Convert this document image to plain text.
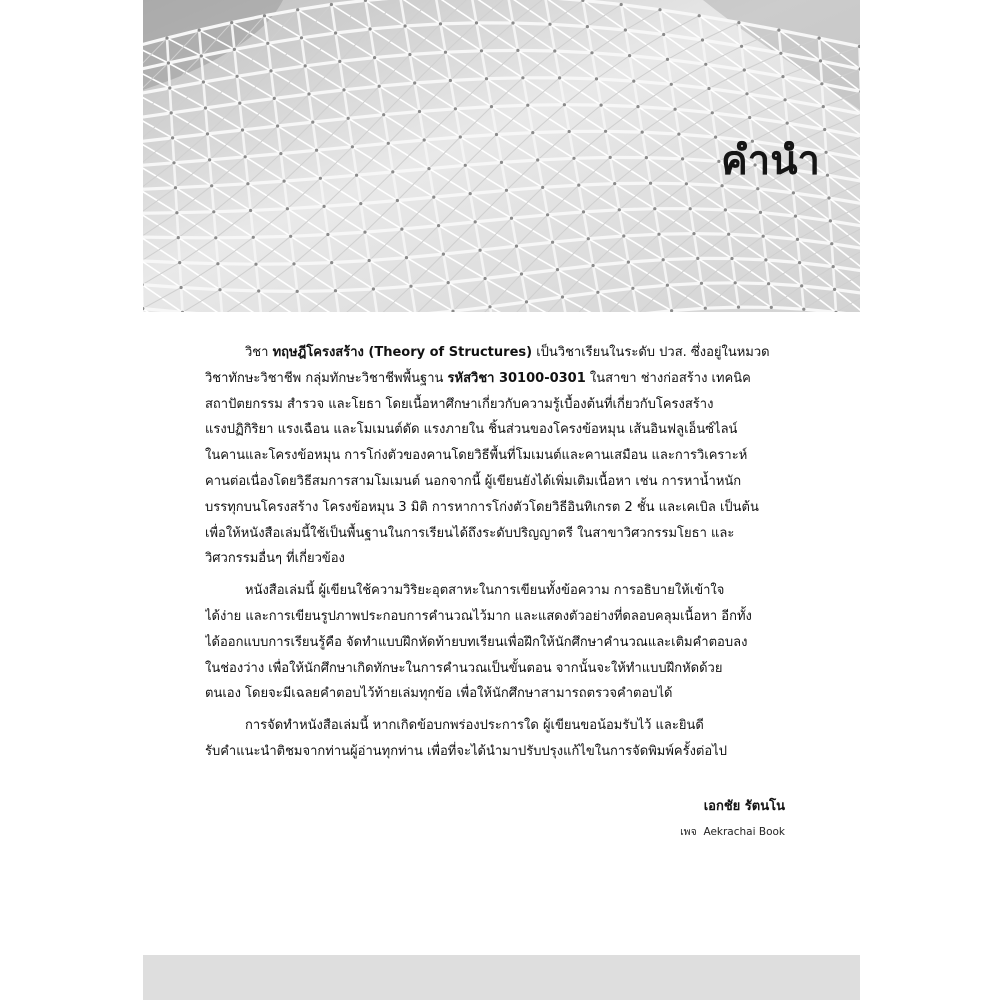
คำนำ
วิชา ทฤษฎีโครงสร้าง (Theory of Structures) เป็นวิชาเรียนในระดับ ปวส. ซึ่งอยู่ในหมวด
วิชาทักษะวิชาชีพ กลุ่มทักษะวิชาชีพพื้นฐาน รหัสวิชา 30100-0301 ในสาขา ช่างก่อสร้าง เทคนิค
สถาปัตยกรรม สำรวจ และโยธา โดยเนื้อหาศึกษาเกี่ยวกับความรู้เบื้องต้นที่เกี่ยวกับโครงสร้าง
แรงปฏิกิริยา แรงเฉือน และโมเมนต์ดัด แรงภายใน ชิ้นส่วนของโครงข้อหมุน เส้นอินฟลูเอ็นซ์ไลน์
ในคานและโครงข้อหมุน การโก่งตัวของคานโดยวิธีพื้นที่โมเมนต์และคานเสมือน และการวิเคราะห์
คานต่อเนื่องโดยวิธีสมการสามโมเมนต์ นอกจากนี้ ผู้เขียนยังได้เพิ่มเติมเนื้อหา เช่น การหาน้ำหนัก
บรรทุกบนโครงสร้าง โครงข้อหมุน 3 มิติ การหาการโก่งตัวโดยวิธีอินทิเกรต 2 ชั้น และเคเบิล เป็นต้น
เพื่อให้หนังสือเล่มนี้ใช้เป็นพื้นฐานในการเรียนได้ถึงระดับปริญญาตรี ในสาขาวิศวกรรมโยธา และ
วิศวกรรมอื่นๆ ที่เกี่ยวข้อง
หนังสือเล่มนี้ ผู้เขียนใช้ความวิริยะอุตสาหะในการเขียนทั้งข้อความ การอธิบายให้เข้าใจ
ได้ง่าย และการเขียนรูปภาพประกอบการคำนวณไว้มาก และแสดงตัวอย่างที่ดลอบคลุมเนื้อหา อีกทั้ง
ได้ออกแบบการเรียนรู้คือ จัดทำแบบฝึกหัดท้ายบทเรียนเพื่อฝึกให้นักศึกษาคำนวณและเติมคำตอบลง
ในช่องว่าง เพื่อให้นักศึกษาเกิดทักษะในการคำนวณเป็นขั้นตอน จากนั้นจะให้ทำแบบฝึกหัดด้วย
ตนเอง โดยจะมีเฉลยคำตอบไว้ท้ายเล่มทุกข้อ เพื่อให้นักศึกษาสามารถตรวจคำตอบได้
การจัดทำหนังสือเล่มนี้ หากเกิดข้อบกพร่องประการใด ผู้เขียนขอน้อมรับไว้ และยินดี
รับคำแนะนำติชมจากท่านผู้อ่านทุกท่าน เพื่อที่จะได้นำมาปรับปรุงแก้ไขในการจัดพิมพ์ครั้งต่อไป
เอกชัย รัตนโน
เพจ Aekrachai Book
